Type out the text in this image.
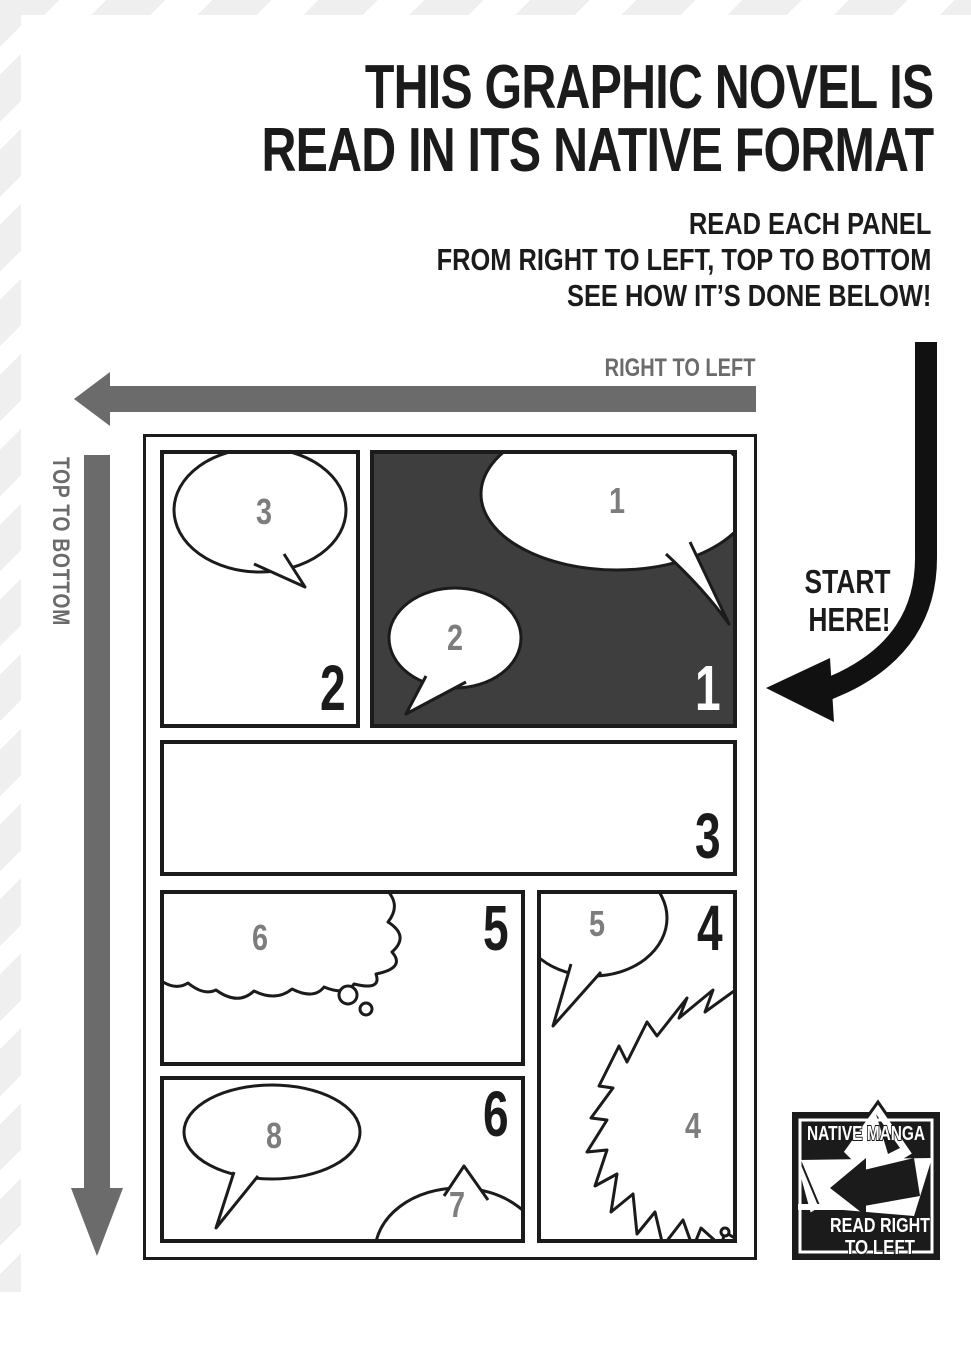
THIS GRAPHIC NOVEL IS
READ IN ITS NATIVE FORMAT
READ EACH PANEL
FROM RIGHT TO LEFT, TOP TO BOTTOM
SEE HOW IT’S DONE BELOW!
RIGHT TO LEFT
TOP TO BOTTOM	START
HERE!
1
2
1
3
2
3
6	5 5
4
4
8
7
6	NATIVE MANGA
READ RIGHT
TO LEFT
